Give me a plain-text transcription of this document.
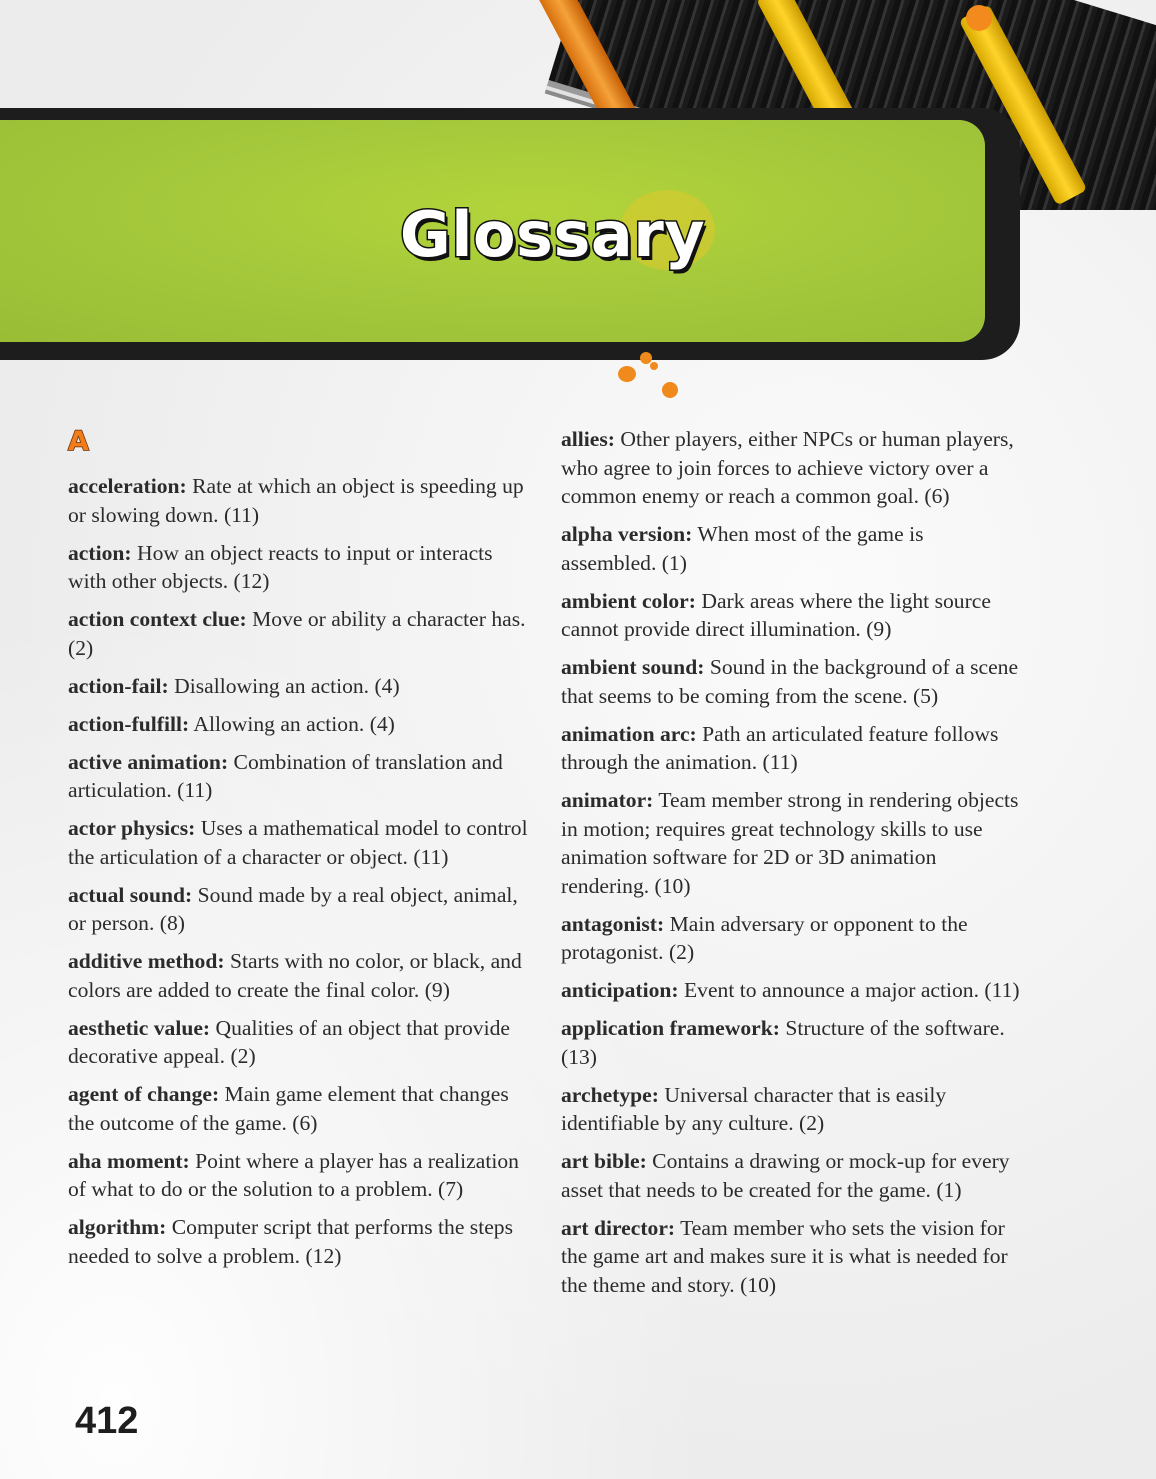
Glossary
A

acceleration: Rate at which an object is speeding up or slowing down. (11)

action: How an object reacts to input or interacts with other objects. (12)

action context clue: Move or ability a character has. (2)

action-fail: Disallowing an action. (4)

action-fulfill: Allowing an action. (4)

active animation: Combination of translation and articulation. (11)

actor physics: Uses a mathematical model to control the articulation of a character or object. (11)

actual sound: Sound made by a real object, animal, or person. (8)

additive method: Starts with no color, or black, and colors are added to create the final color. (9)

aesthetic value: Qualities of an object that provide decorative appeal. (2)

agent of change: Main game element that changes the outcome of the game. (6)

aha moment: Point where a player has a realization of what to do or the solution to a problem. (7)

algorithm: Computer script that performs the steps needed to solve a problem. (12)

allies: Other players, either NPCs or human players, who agree to join forces to achieve victory over a common enemy or reach a common goal. (6)

alpha version: When most of the game is assembled. (1)

ambient color: Dark areas where the light source cannot provide direct illumination. (9)

ambient sound: Sound in the background of a scene that seems to be coming from the scene. (5)

animation arc: Path an articulated feature follows through the animation. (11)

animator: Team member strong in rendering objects in motion; requires great technology skills to use animation software for 2D or 3D animation rendering. (10)

antagonist: Main adversary or opponent to the protagonist. (2)

anticipation: Event to announce a major action. (11)

application framework: Structure of the software. (13)

archetype: Universal character that is easily identifiable by any culture. (2)

art bible: Contains a drawing or mock-up for every asset that needs to be created for the game. (1)

art director: Team member who sets the vision for the game art and makes sure it is what is needed for the theme and story. (10)

412
